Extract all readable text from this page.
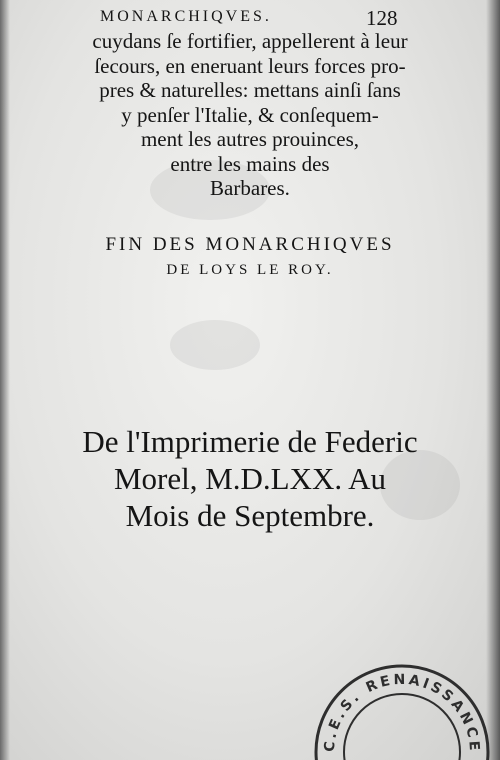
MONARCHIQVES.	128
cuydans ſe fortifier, appellerent à leur
ſecours, en eneruant leurs forces pro-
pres & naturelles: mettans ainſi ſans
y penſer l'Italie, & conſequem-
ment les autres prouinces,
entre les mains des
Barbares.
FIN DES MONARCHIQVES
DE LOYS LE ROY.
De l'Imprimerie de Federic
Morel, M.D.LXX. Au
Mois de Septembre.
C.E.S. RENAISSANCE
